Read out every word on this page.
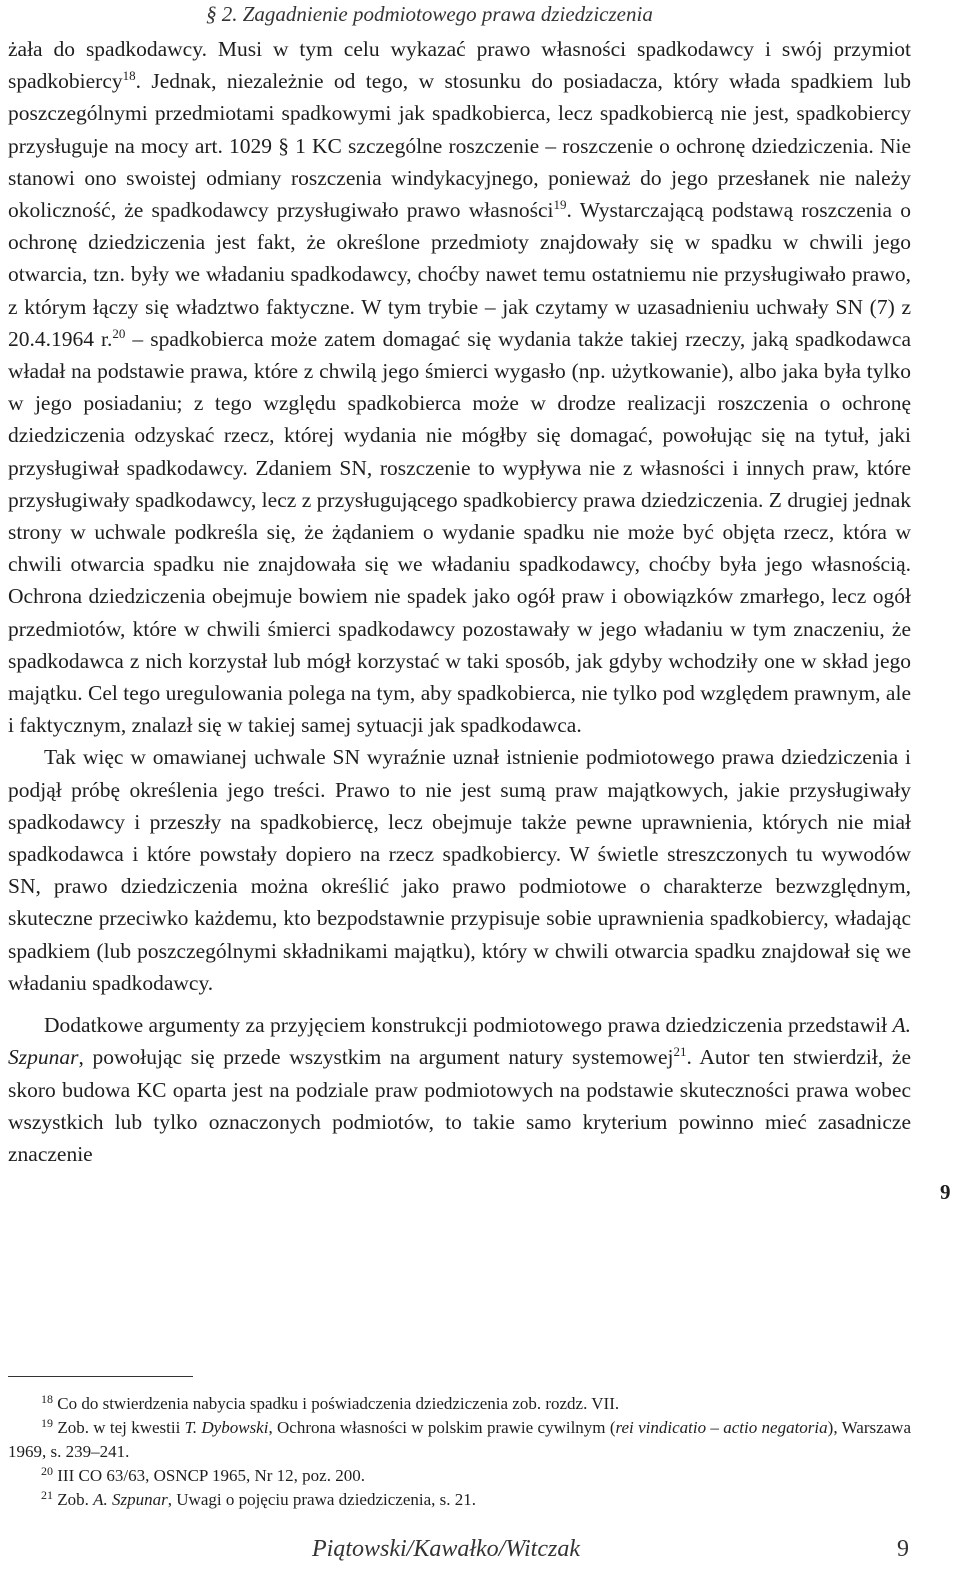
§ 2. Zagadnienie podmiotowego prawa dziedziczenia

żała do spadkodawcy. Musi w tym celu wykazać prawo własności spadkodawcy i swój przymiot spadkobiercy$^{18}$. Jednak, niezależnie od tego, w stosunku do posiadacza, który włada spadkiem lub poszczególnymi przedmiotami spadkowymi jak spadkobierca, lecz spadkobiercą nie jest, spadkobiercy przysługuje na mocy art. 1029 § 1 KC szczególne roszczenie – roszczenie o ochronę dziedziczenia. Nie stanowi ono swoistej odmiany roszczenia windykacyjnego, ponieważ do jego przesłanek nie należy okoliczność, że spadkodawcy przysługiwało prawo własności$^{19}$. Wystarczającą podstawą roszczenia o ochronę dziedziczenia jest fakt, że określone przedmioty znajdowały się w spadku w chwili jego otwarcia, tzn. były we władaniu spadkodawcy, choćby nawet temu ostatniemu nie przysługiwało prawo, z którym łączy się władztwo faktyczne. W tym trybie – jak czytamy w uzasadnieniu uchwały SN (7) z 20.4.1964 r.$^{20}$ – spadkobierca może zatem domagać się wydania także takiej rzeczy, jaką spadkodawca władał na podstawie prawa, które z chwilą jego śmierci wygasło (np. użytkowanie), albo jaka była tylko w jego posiadaniu; z tego względu spadkobierca może w drodze realizacji roszczenia o ochronę dziedziczenia odzyskać rzecz, której wydania nie mógłby się domagać, powołując się na tytuł, jaki przysługiwał spadkodawcy. Zdaniem SN, roszczenie to wypływa nie z własności i innych praw, które przysługiwały spadkodawcy, lecz z przysługującego spadkobiercy prawa dziedziczenia. Z drugiej jednak strony w uchwale podkreśla się, że żądaniem o wydanie spadku nie może być objęta rzecz, która w chwili otwarcia spadku nie znajdowała się we władaniu spadkodawcy, choćby była jego własnością. Ochrona dziedziczenia obejmuje bowiem nie spadek jako ogół praw i obowiązków zmarłego, lecz ogół przedmiotów, które w chwili śmierci spadkodawcy pozostawały w jego władaniu w tym znaczeniu, że spadkodawca z nich korzystał lub mógł korzystać w taki sposób, jak gdyby wchodziły one w skład jego majątku. Cel tego uregulowania polega na tym, aby spadkobierca, nie tylko pod względem prawnym, ale i faktycznym, znalazł się w takiej samej sytuacji jak spadkodawca.

Tak więc w omawianej uchwale SN wyraźnie uznał istnienie podmiotowego prawa dziedziczenia i podjął próbę określenia jego treści. Prawo to nie jest sumą praw majątkowych, jakie przysługiwały spadkodawcy i przeszły na spadkobiercę, lecz obejmuje także pewne uprawnienia, których nie miał spadkodawca i które powstały dopiero na rzecz spadkobiercy. W świetle streszczonych tu wywodów SN, prawo dziedziczenia można określić jako prawo podmiotowe o charakterze bezwzględnym, skuteczne przeciwko każdemu, kto bezpodstawnie przypisuje sobie uprawnienia spadkobiercy, władając spadkiem (lub poszczególnymi składnikami majątku), który w chwili otwarcia spadku znajdował się we władaniu spadkodawcy.

Dodatkowe argumenty za przyjęciem konstrukcji podmiotowego prawa dziedziczenia przedstawił A. Szpunar, powołując się przede wszystkim na argument natury systemowej$^{21}$. Autor ten stwierdził, że skoro budowa KC oparta jest na podziale praw podmiotowych na podstawie skuteczności prawa wobec wszystkich lub tylko oznaczonych podmiotów, to takie samo kryterium powinno mieć zasadnicze znaczenie

9

$^{18}$ Co do stwierdzenia nabycia spadku i poświadczenia dziedziczenia zob. rozdz. VII.

$^{19}$ Zob. w tej kwestii T. Dybowski, Ochrona własności w polskim prawie cywilnym (rei vindicatio – actio negatoria), Warszawa 1969, s. 239–241.

$^{20}$ III CO 63/63, OSNCP 1965, Nr 12, poz. 200.

$^{21}$ Zob. A. Szpunar, Uwagi o pojęciu prawa dziedziczenia, s. 21.

Piątowski/Kawałko/Witczak	9
